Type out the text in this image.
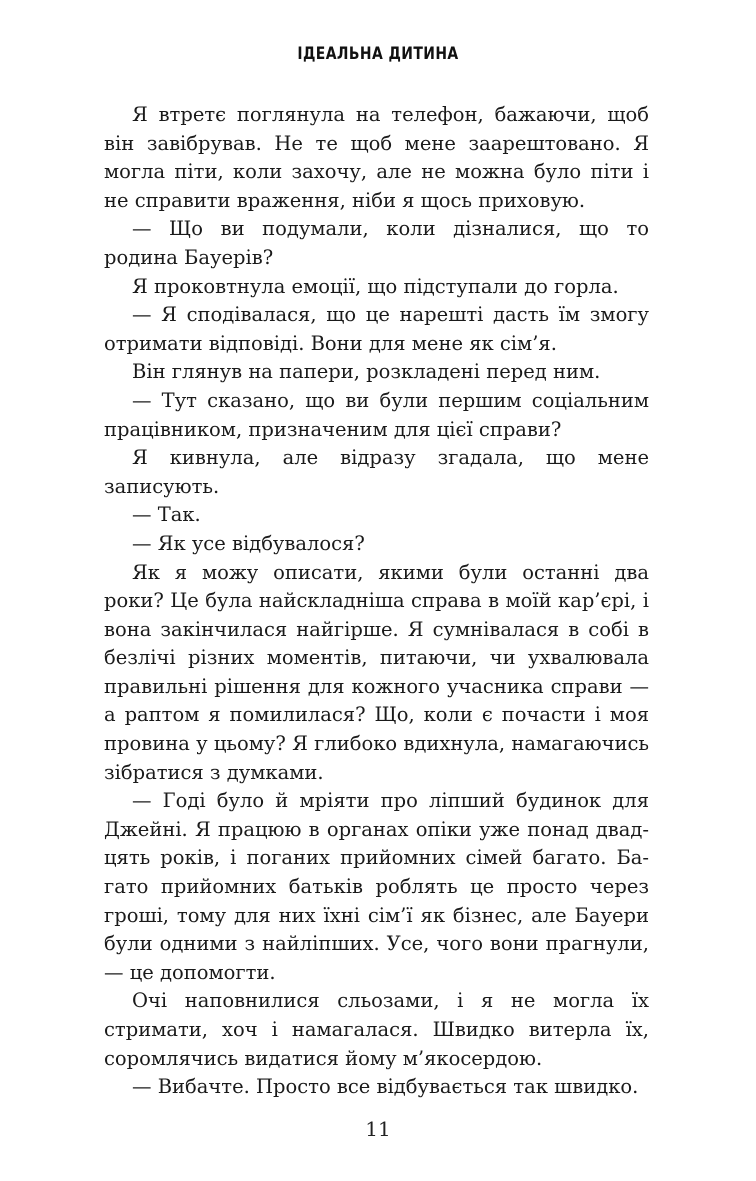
ІДЕАЛЬНА ДИТИНА

Я втретє поглянула на телефон, бажаючи, щоб він завібрував. Не те щоб мене заарештовано. Я могла піти, коли захочу, але не можна було піти і не справити враження, ніби я щось приховую.

— Що ви подумали, коли дізналися, що то родина Бауерів?

Я проковтнула емоції, що підступали до горла.

— Я сподівалася, що це нарешті дасть їм змогу отримати відповіді. Вони для мене як сім’я.

Він глянув на папери, розкладені перед ним.

— Тут сказано, що ви були першим соціальним працівником, призначеним для цієї справи?

Я кивнула, але відразу згадала, що мене записують.

— Так.

— Як усе відбувалося?

Як я можу описати, якими були останні два роки? Це була найскладніша справа в моїй кар’єрі, і вона закінчилася найгірше. Я сумнівалася в собі в безлічі різних моментів, питаючи, чи ухвалювала правильні рішення для кожного учасника справи — а раптом я помилилася? Що, коли є почасти і моя провина у цьому? Я глибоко вдихнула, намагаючись зібратися з думками.

— Годі було й мріяти про ліпший будинок для Джейні. Я працюю в органах опіки уже понад двадцять років, і поганих прийомних сімей багато. Багато прийомних батьків роблять це просто через гроші, тому для них їхні сім’ї як бізнес, але Бауери були одними з найліпших. Усе, чого вони прагнули, — це допомогти.

Очі наповнилися сльозами, і я не могла їх стримати, хоч і намагалася. Швидко витерла їх, соромлячись видатися йому м’якосердою.

— Вибачте. Просто все відбувається так швидко.

11
